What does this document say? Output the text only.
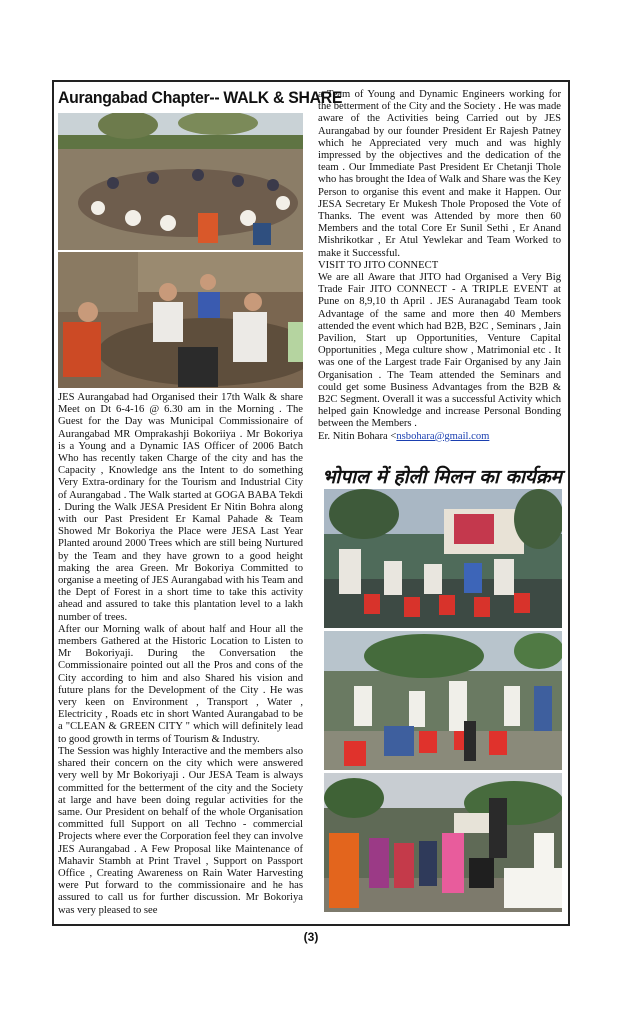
Aurangabad Chapter-- WALK & SHARE

JES Aurangabad had Organised their 17th Walk & share Meet on Dt 6-4-16 @ 6.30 am in the Morning . The Guest for the Day was Municipal Commissionaire of Aurangabad MR Omprakashji Bokoriiya . Mr Bokoriya is a Young and a Dynamic IAS Officer of 2006 Batch Who has recently taken Charge of the city and has the Capacity , Knowledge ans the Intent to do something Very Extra-ordinary for the Tourism and Industrial City of Aurangabad . The Walk started at GOGA BABA Tekdi . During the Walk JESA President Er Nitin Bohra along with our Past President Er Kamal Pahade & Team Showed Mr Bokoriya the Place were JESA Last Year Planted around 2000 Trees which are still being Nurtured by the Team and they have grown to a good height making the area Green. Mr Bokoriya Committed to organise a meeting of JES Aurangabad with his Team and the Dept of Forest in a short time to take this activity ahead and assured to take this plantation level to a lakh number of trees.

After our Morning walk of about half and Hour all the members Gathered at the Historic Location to Listen to Mr Bokoriyaji. During the Conversation the Commissionaire pointed out all the Pros and cons of the City according to him and also Shared his vision and future plans for the Development of the City . He was very keen on Environment , Transport , Water , Electricity , Roads etc in short Wanted Aurangabad to be a "CLEAN & GREEN CITY " which will definitely lead to good growth in terms of Tourism & Industry.

The Session was highly Interactive and the members also shared their concern on the city which were answered very well by Mr Bokoriyaji . Our JESA Team is always committed for the betterment of the city and the Society at large and have been doing regular activities for the same. Our President on behalf of the whole Organisation committed full Support on all Techno - commercial Projects where ever the Corporation feel they can involve JES Aurangabad . A Few Proposal like Maintenance of Mahavir Stambh at Print Travel , Support on Passport Office , Creating Awareness on Rain Water Harvesting were Put forward to the commissionaire and he has assured to call us for further discussion. Mr Bokoriya was very pleased to see

a Team of Young and Dynamic Engineers working for the betterment of the City and the Society . He was made aware of the Activities being Carried out by JES Aurangabad by our founder President Er Rajesh Patney which he Appreciated very much and was highly impressed by the objectives and the dedication of the team . Our Immediate Past President Er Chetanji Thole who has brought the Idea of Walk and Share was the Key Person to organise this event and make it Happen. Our JESA Secretary Er Mukesh Thole Proposed the Vote of Thanks. The event was Attended by more then 60 Members and the total Core Er Sunil Sethi , Er Anand Mishrikotkar , Er Atul Yewlekar and Team Worked to make it Successful.

VISIT TO JITO CONNECT

We are all Aware that JITO had Organised a Very Big Trade Fair JITO CONNECT - A TRIPLE EVENT at Pune on 8,9,10 th April . JES Auranagabd Team took Advantage of the same and more then 40 Members attended the event which had B2B, B2C , Seminars , Jain Pavilion, Start up Opportunities, Venture Capital Opportunities , Mega culture show , Matrimonial etc . It was one of the Largest trade Fair Organised by any Jain Organisation . The Team attended the Seminars and could get some Business Advantages from the B2B & B2C Segment. Overall it was a successful Activity which helped gain Knowledge and increase Personal Bonding between the Members .

Er. Nitin Bohara <nsbohara@gmail.com

भोपाल में होली मिलन का कार्यक्रम
(3)
